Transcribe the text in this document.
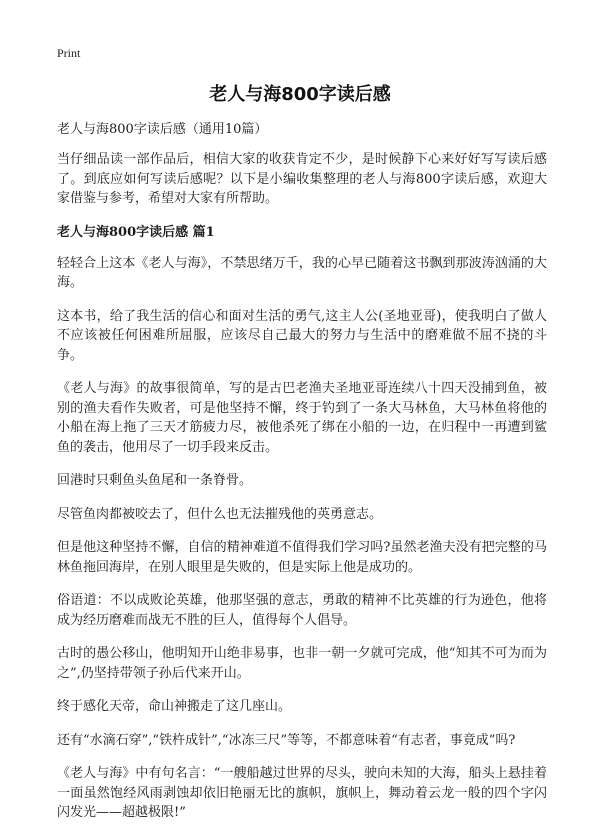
Print
老人与海800字读后感
老人与海800字读后感（通用10篇）

当仔细品读一部作品后，相信大家的收获肯定不少，是时候静下心来好好写写读后感了。到底应如何写读后感呢？以下是小编收集整理的老人与海800字读后感，欢迎大家借鉴与参考，希望对大家有所帮助。

老人与海800字读后感 篇1

轻轻合上这本《老人与海》，不禁思绪万千，我的心早已随着这书飘到那波涛汹涌的大海。

这本书，给了我生活的信心和面对生活的勇气,这主人公(圣地亚哥)，使我明白了做人不应该被任何困难所屈服，应该尽自己最大的努力与生活中的磨难做不屈不挠的斗争。

《老人与海》的故事很简单，写的是古巴老渔夫圣地亚哥连续八十四天没捕到鱼，被别的渔夫看作失败者，可是他坚持不懈，终于钓到了一条大马林鱼，大马林鱼将他的小船在海上拖了三天才筋疲力尽，被他杀死了绑在小船的一边，在归程中一再遭到鲨鱼的袭击，他用尽了一切手段来反击。

回港时只剩鱼头鱼尾和一条脊骨。

尽管鱼肉都被咬去了，但什么也无法摧残他的英勇意志。

但是他这种坚持不懈，自信的精神难道不值得我们学习吗?虽然老渔夫没有把完整的马林鱼拖回海岸，在别人眼里是失败的，但是实际上他是成功的。

俗语道：不以成败论英雄，他那坚强的意志，勇敢的精神不比英雄的行为逊色，他将成为经历磨难而战无不胜的巨人，值得每个人倡导。

古时的愚公移山，他明知开山绝非易事，也非一朝一夕就可完成，他“知其不可为而为之”,仍坚持带领子孙后代来开山。

终于感化天帝，命山神搬走了这几座山。

还有“水滴石穿”,“铁杵成针”,“冰冻三尺”等等，不都意味着“有志者，事竟成”吗?

《老人与海》中有句名言：“一艘船越过世界的尽头，驶向未知的大海，船头上悬挂着一面虽然饱经风雨剥蚀却依旧艳丽无比的旗帜，旗帜上，舞动着云龙一般的四个字闪闪发光——超越极限!”
